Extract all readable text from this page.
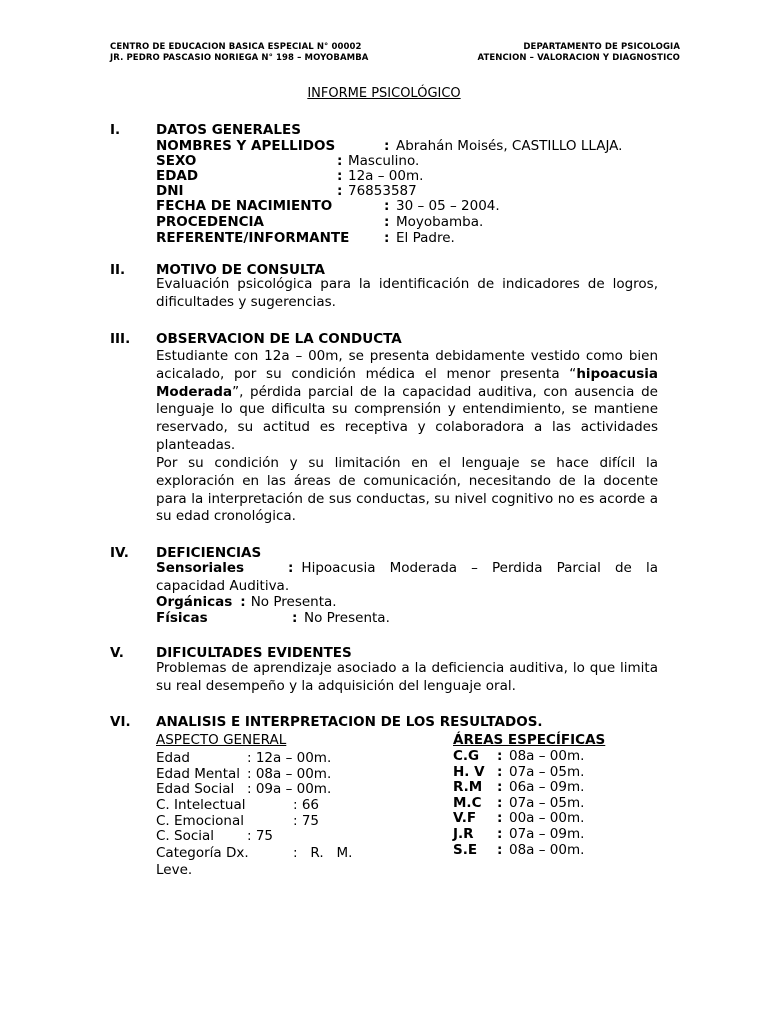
CENTRO DE EDUCACION BASICA ESPECIAL N° 00002
JR. PEDRO PASCASIO NORIEGA N° 198 – MOYOBAMBA
DEPARTAMENTO DE PSICOLOGIA
ATENCION – VALORACION Y DIAGNOSTICO
INFORME PSICOLÓGICO
I.	DATOS GENERALES
NOMBRES Y APELLIDOS	: Abrahán Moisés, CASTILLO LLAJA.
SEXO	: Masculino.
EDAD	: 12a – 00m.
DNI	: 76853587
FECHA DE NACIMIENTO	: 30 – 05 – 2004.
PROCEDENCIA	: Moyobamba.
REFERENTE/INFORMANTE	: El Padre.
II. MOTIVO DE CONSULTA
Evaluación psicológica para la identificación de indicadores de logros, dificultades y sugerencias.
III. OBSERVACION DE LA CONDUCTA
Estudiante con 12a – 00m, se presenta debidamente vestido como bien acicalado, por su condición médica el menor presenta “hipoacusia Moderada”, pérdida parcial de la capacidad auditiva, con ausencia de lenguaje lo que dificulta su comprensión y entendimiento, se mantiene reservado, su actitud es receptiva y colaboradora a las actividades planteadas.
Por su condición y su limitación en el lenguaje se hace difícil la exploración en las áreas de comunicación, necesitando de la docente para la interpretación de sus conductas, su nivel cognitivo no es acorde a su edad cronológica.
IV. DEFICIENCIAS
Sensoriales	: Hipoacusia Moderada – Perdida Parcial de la capacidad Auditiva.
Orgánicas : No Presenta.
Físicas	: No Presenta.
V. DIFICULTADES EVIDENTES
Problemas de aprendizaje asociado a la deficiencia auditiva, lo que limita su real desempeño y la adquisición del lenguaje oral.
VI. ANALISIS E INTERPRETACION DE LOS RESULTADOS.
ASPECTO GENERAL	ÁREAS ESPECÍFICAS
Edad	: 12a – 00m.
Edad Mental : 08a – 00m.
Edad Social : 09a – 00m.
C. Intelectual	: 66
C. Emocional	: 75
C. Social : 75
Categoría Dx.	:   R.   M.
Leve.
C.G : 08a – 00m.
H. V : 07a – 05m.
R.M : 06a – 09m.
M.C : 07a – 05m.
V.F : 00a – 00m.
J.R : 07a – 09m.
S.E : 08a – 00m.
